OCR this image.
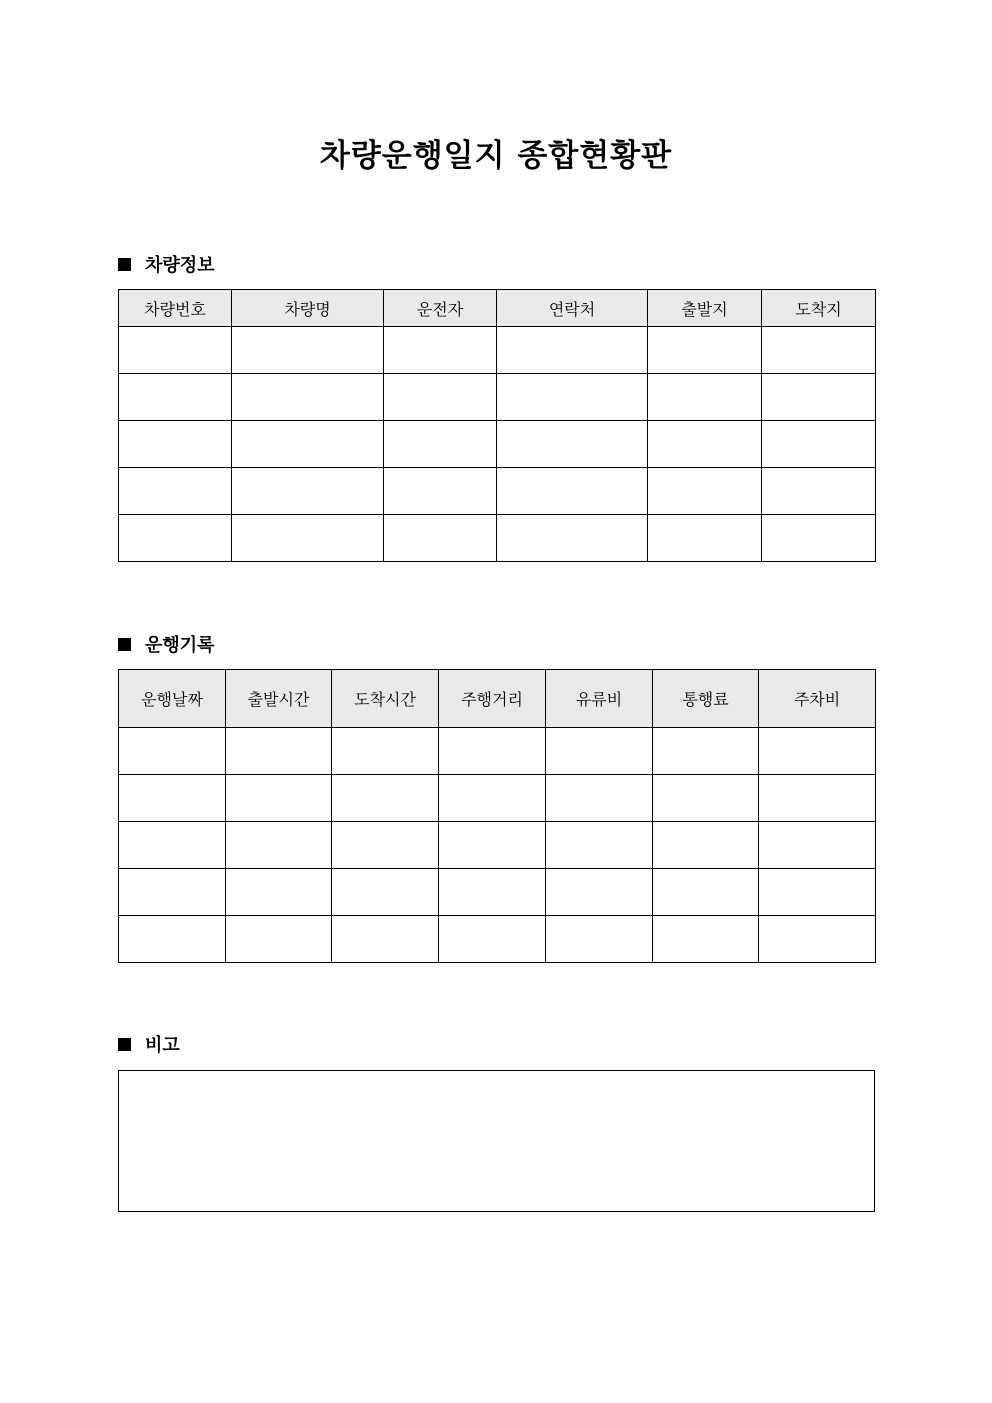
차량운행일지 종합현황판
차량정보
차량번호	차량명	운전자	연락처	출발지	도착지

운행기록
운행날짜	출발시간	도착시간	주행거리	유류비	통행료	주차비

비고
